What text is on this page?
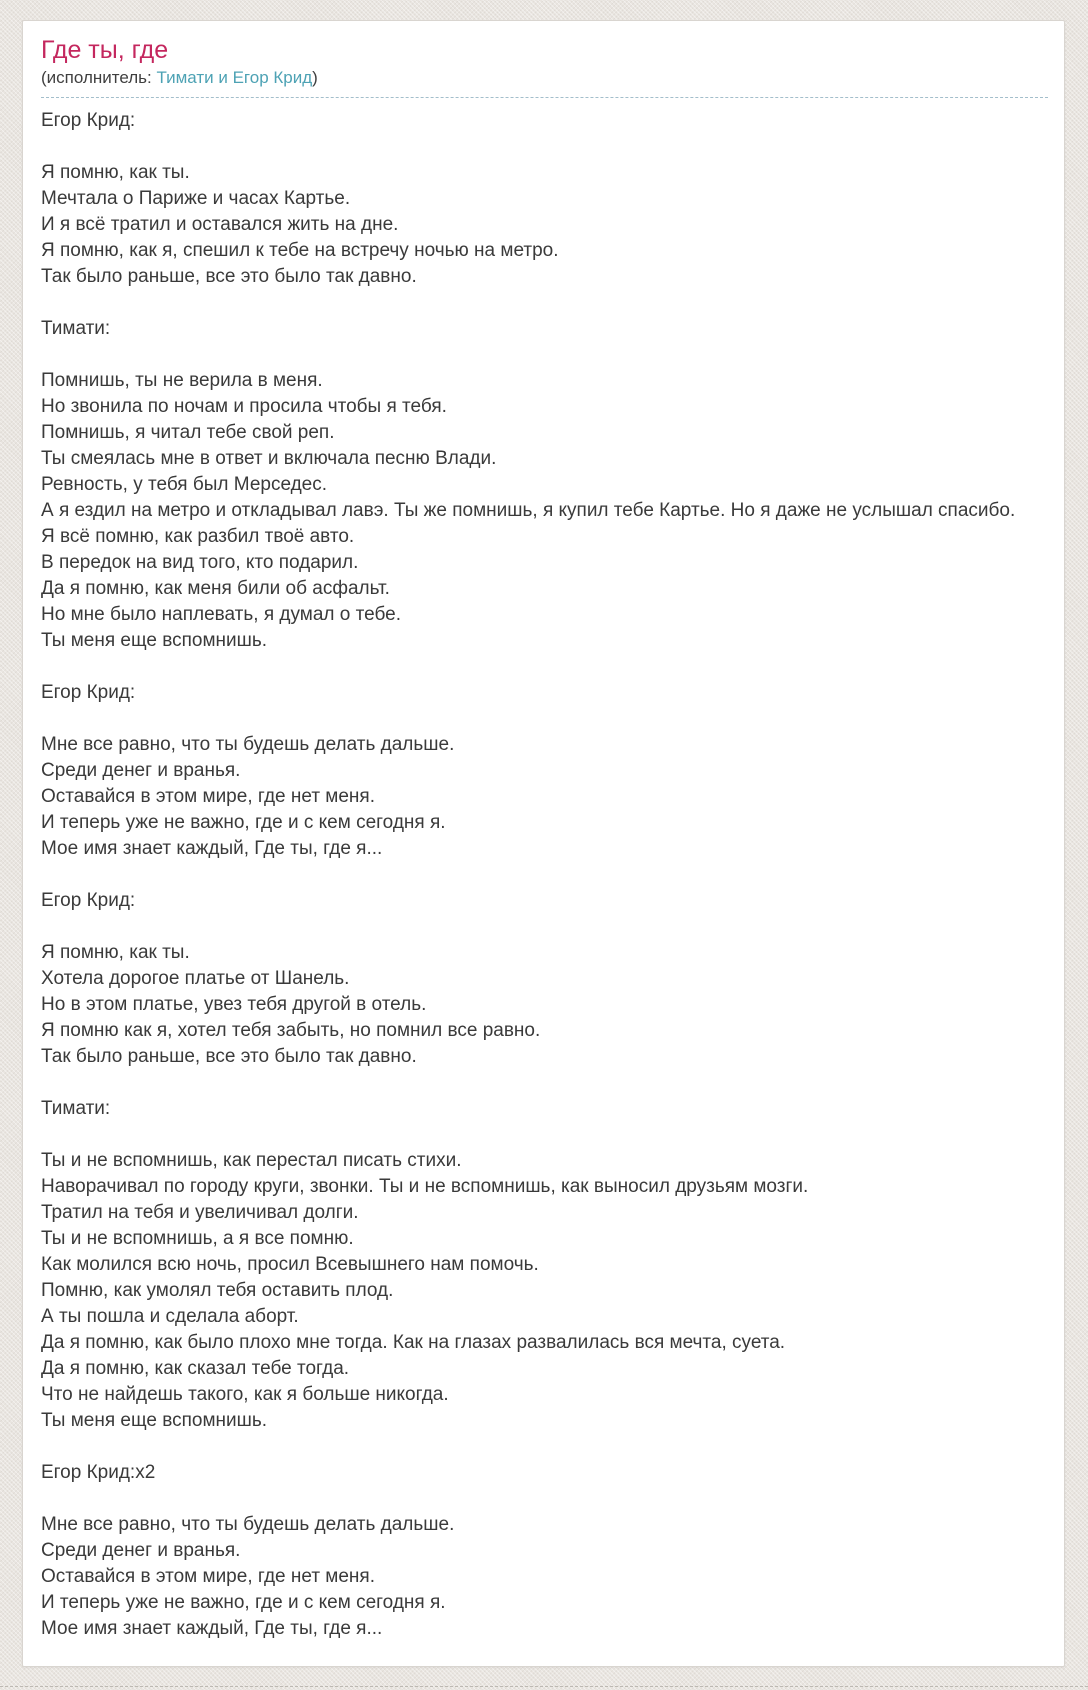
Где ты, где
(исполнитель: Тимати и Егор Крид)
Егор Крид:

Я помню, как ты.
Мечтала о Париже и часах Картье.
И я всё тратил и оставался жить на дне.
Я помню, как я, спешил к тебе на встречу ночью на метро.
Так было раньше, все это было так давно.

Тимати:

Помнишь, ты не верила в меня.
Но звонила по ночам и просила чтобы я тебя.
Помнишь, я читал тебе свой реп.
Ты смеялась мне в ответ и включала песню Влади.
Ревность, у тебя был Мерседес.
А я ездил на метро и откладывал лавэ. Ты же помнишь, я купил тебе Картье. Но я даже не услышал спасибо.
Я всё помню, как разбил твоё авто.
В передок на вид того, кто подарил.
Да я помню, как меня били об асфальт.
Но мне было наплевать, я думал о тебе.
Ты меня еще вспомнишь.

Егор Крид:

Мне все равно, что ты будешь делать дальше.
Среди денег и вранья.
Оставайся в этом мире, где нет меня.
И теперь уже не важно, где и с кем сегодня я.
Мое имя знает каждый, Где ты, где я...

Егор Крид:

Я помню, как ты.
Хотела дорогое платье от Шанель.
Но в этом платье, увез тебя другой в отель.
Я помню как я, хотел тебя забыть, но помнил все равно.
Так было раньше, все это было так давно.

Тимати:

Ты и не вспомнишь, как перестал писать стихи.
Наворачивал по городу круги, звонки. Ты и не вспомнишь, как выносил друзьям мозги.
Тратил на тебя и увеличивал долги.
Ты и не вспомнишь, а я все помню.
Как молился всю ночь, просил Всевышнего нам помочь.
Помню, как умолял тебя оставить плод.
А ты пошла и сделала аборт.
Да я помню, как было плохо мне тогда. Как на глазах развалилась вся мечта, суета.
Да я помню, как сказал тебе тогда.
Что не найдешь такого, как я больше никогда.
Ты меня еще вспомнишь.

Егор Крид:x2

Мне все равно, что ты будешь делать дальше.
Среди денег и вранья.
Оставайся в этом мире, где нет меня.
И теперь уже не важно, где и с кем сегодня я.
Мое имя знает каждый, Где ты, где я...
